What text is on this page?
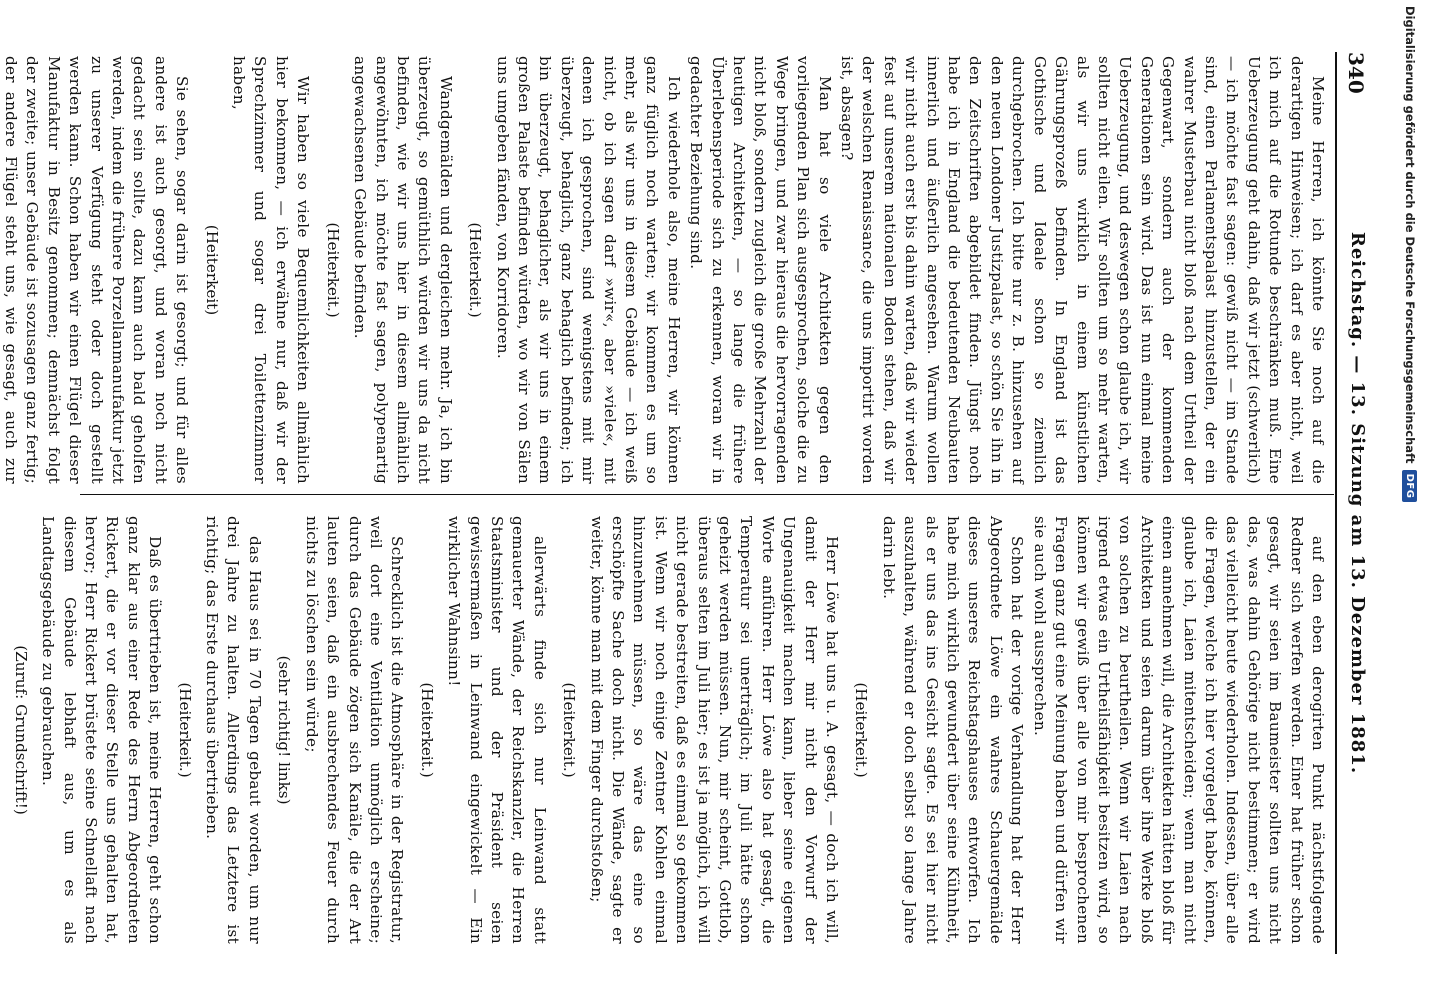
340
Reichstag. — 13. Sitzung am 13. Dezember 1881.

Meine Herren, ich könnte Sie noch auf die derartigen Hinweisen; ich darf es aber nicht, weil ich mich auf die Rotunde beschränken muß. Eine Ueberzeugung geht dahin, daß wir jetzt (schwerlich) — ich möchte fast sagen: gewiß nicht — im Stande sind, einen Parlamentspalast hinzustellen, der ein wahrer Musterbau nicht bloß nach dem Urtheil der Gegenwart, sondern auch der kommenden Generationen sein wird. Das ist nun einmal meine Ueberzeugung, und deswegen schon glaube ich, wir sollten nicht eilen. Wir sollten um so mehr warten, als wir uns wirklich in einem künstlichen Gährungsprozeß befinden. In England ist das Gothische und Ideale schon so ziemlich durchgebrochen. Ich bitte nur z. B. hinzusehen auf den neuen Londoner Justizpalast, so schön Sie ihn in den Zeitschriften abgebildet finden. Jüngst noch habe ich in England die bedeutenden Neubauten innerlich und äußerlich angesehen. Warum wollen wir nicht auch erst bis dahin warten, daß wir wieder fest auf unserem nationalen Boden stehen, daß wir der welschen Renaissance, die uns importirt worden ist, absagen?

Man hat so viele Architekten gegen den vorliegenden Plan sich ausgesprochen, solche die zu Wege bringen, und zwar hieraus die hervorragenden nicht bloß, sondern zugleich die große Mehrzahl der heutigen Architekten, — so lange die frühere Überlebensperiode sich zu erkennen, woran wir in gedachter Beziehung sind.

Ich wiederhole also, meine Herren, wir können ganz füglich noch warten; wir kommen es um so mehr, als wir uns in diesem Gebäude — ich weiß nicht, ob ich sagen darf »wir«, aber »viele«, mit denen ich gesprochen, sind wenigstens mit mir überzeugt, behaglich, ganz behaglich befinden; ich bin überzeugt, behaglicher, als wir uns in einem großen Palaste befinden würden, wo wir von Sälen uns umgeben fänden, von Korridoren.

(Heiterkeit.)

Wandgemälden und dergleichen mehr. Ja, ich bin überzeugt, so gemüthlich würden wir uns da nicht befinden, wie wir uns hier in diesem allmählich angewöhnten, ich möchte fast sagen, polypenartig angewachsenen Gebäude befinden.

(Heiterkeit.)

Wir haben so viele Bequemlichkeiten allmählich hier bekommen, — ich erwähne nur, daß wir der Sprechzimmer und sogar drei Toilettenzimmer haben,

(Heiterkeit)

Sie sehen, sogar darin ist gesorgt; und für alles andere ist auch gesorgt, und woran noch nicht gedacht sein sollte, dazu kann auch bald geholfen werden, indem die frühere Porzellanmanufaktur jetzt zu unserer Verfügung steht oder doch gestellt werden kann. Schon haben wir einen Flügel dieser Manufaktur in Besitz genommen; demnächst folgt der zweite; unser Gebäude ist sozusagen ganz fertig; der andere Flügel steht uns, wie gesagt, auch zur

auf den eben derogirten Punkt nächstfolgende Redner sich werfen werden. Einer hat früher schon gesagt, wir seien im Baumeister sollten uns nicht das, was dahin Gehörige nicht bestimmen; er wird das vielleicht heute wiederholen. Indessen, über alle die Fragen, welche ich hier vorgelegt habe, können, glaube ich, Laien mitentscheiden; wenn man nicht einen annehmen will, die Architekten hätten bloß für Architekten und seien darum über ihre Werke bloß von solchen zu beurtheilen. Wenn wir Laien nach irgend etwas ein Urtheilsfähigkeit besitzen wird, so können wir gewiß über alle von mir besprochenen Fragen ganz gut eine Meinung haben und dürfen wir sie auch wohl aussprechen.

Schon hat der vorige Verhandlung hat der Herr Abgeordnete Löwe ein wahres Schauergemälde dieses unseres Reichstagshauses entworfen. Ich habe mich wirklich gewundert über seine Kühnheit, als er uns das ins Gesicht sagte. Es sei hier nicht auszuhalten, während er doch selbst so lange Jahre darin lebt.

(Heiterkeit.)

Herr Löwe hat uns u. A. gesagt, — doch ich will, damit der Herr mir nicht den Vorwurf der Ungenauigkeit machen kann, lieber seine eigenen Worte anführen. Herr Löwe also hat gesagt, die Temperatur sei unerträglich; im Juli hätte schon geheizt werden müssen. Nun, mir scheint, Gottlob, überaus selten im Juli hier; es ist ja möglich, ich will nicht gerade bestreiten, daß es einmal so gekommen ist. Wenn wir noch einige Zentner Kohlen einmal hinzunehmen müssen, so wäre das eine so erschöpfte Sache doch nicht. Die Wände, sagte er weiter, könne man mit dem Finger durchstoßen;

(Heiterkeit.)

allerwärts finde sich nur Leinwand statt gemauerter Wände, der Reichskanzler, die Herren Staatsminister und der Präsident seien gewissermaßen in Leinwand eingewickelt — Ein wirklicher Wahnsinn!

(Heiterkeit.)

Schrecklich ist die Atmosphäre in der Registratur, weil dort eine Ventilation unmöglich erscheine; durch das Gebäude zögen sich Kanäle, die der Art lauten seien, daß ein ausbrechendes Feuer durch nichts zu löschen sein würde;

(sehr richtig! links)

das Haus sei in 70 Tagen gebaut worden, um nur drei Jahre zu halten. Allerdings das Letztere ist richtig; das Erste durchaus übertrieben.

(Heiterkeit.)

Daß es übertrieben ist, meine Herren, geht schon ganz klar aus einer Rede des Herrn Abgeordneten Rickert, die er vor dieser Stelle uns gehalten hat, hervor; Herr Rickert brüstete seine Schnellaft nach diesem Gebäude lebhaft aus, um es als Landtagsgebäude zu gebrauchen.

(Zuruf: Grundschrift!)

Digitalisierung gefördert durch die Deutsche Forschungsgemeinschaft
DFG
